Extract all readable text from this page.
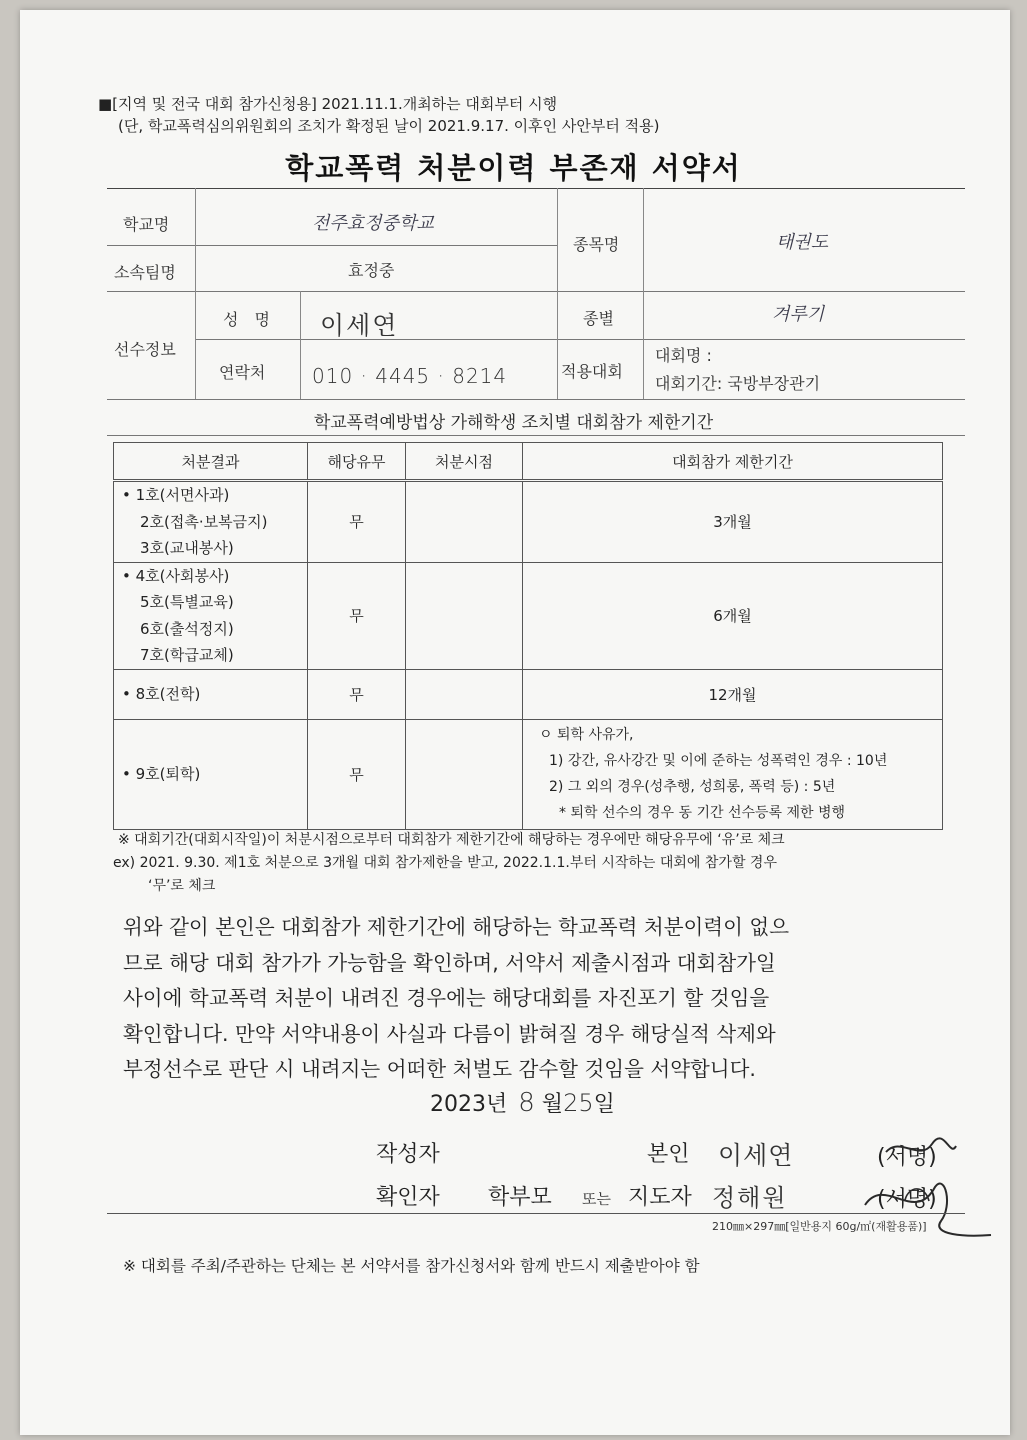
■[지역 및 전국 대회 참가신청용] 2021.11.1.개최하는 대회부터 시행
(단, 학교폭력심의위원회의 조치가 확정된 날이 2021.9.17. 이후인 사안부터 적용)
학교폭력 처분이력 부존재 서약서
학교명	전주효정중학교
소속팀명	효정중
종목명	태권도
선수정보
성　명 이세연
연락처 010 · 4445 · 8214
종별	겨루기
적용대회
대회명 :
대회기간: 국방부장관기
학교폭력예방법상 가해학생 조치별 대회참가 제한기간
처분결과	해당유무	처분시점	대회참가 제한기간

• 1호(서면사과)
2호(접촉·보복금지)
3호(교내봉사)	무		3개월

• 4호(사회봉사)
5호(특별교육)
6호(출석정지)
7호(학급교체)	무		6개월

• 8호(전학)	무		12개월

• 9호(퇴학)	무		ㅇ 퇴학 사유가,
1) 강간, 유사강간 및 이에 준하는 성폭력인 경우 : 10년
2) 그 외의 경우(성추행, 성희롱, 폭력 등) : 5년
* 퇴학 선수의 경우 동 기간 선수등록 제한 병행
※ 대회기간(대회시작일)이 처분시점으로부터 대회참가 제한기간에 해당하는 경우에만 해당유무에 ‘유’로 체크
ex) 2021. 9.30. 제1호 처분으로 3개월 대회 참가제한을 받고, 2022.1.1.부터 시작하는 대회에 참가할 경우
‘무’로 체크
위와 같이 본인은 대회참가 제한기간에 해당하는 학교폭력 처분이력이 없으
므로 해당 대회 참가가 가능함을 확인하며, 서약서 제출시점과 대회참가일
사이에 학교폭력 처분이 내려진 경우에는 해당대회를 자진포기 할 것임을
확인합니다. 만약 서약내용이 사실과 다름이 밝혀질 경우 해당실적 삭제와
부정선수로 판단 시 내려지는 어떠한 처벌도 감수할 것임을 서약합니다.
2023년 8 월25일
작성자	본인 이세연	(서명)
확인자 학부모 또는 지도자 정해원	(서명)
210㎜×297㎜[일반용지 60g/㎡(재활용품)]
※ 대회를 주최/주관하는 단체는 본 서약서를 참가신청서와 함께 반드시 제출받아야 함
